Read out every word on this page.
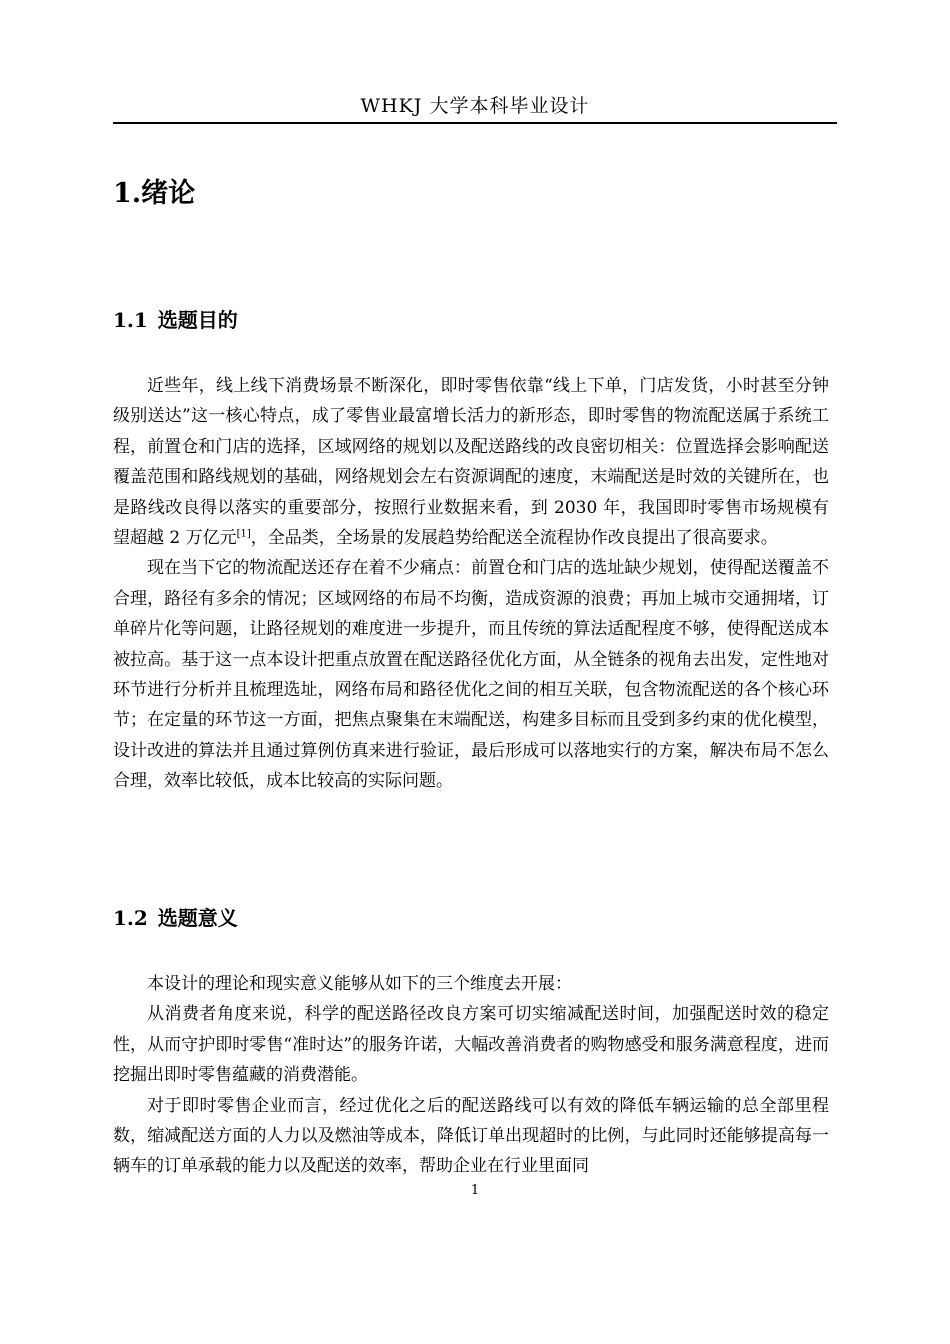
WHKJ 大学本科毕业设计
1.绪论
1.1 选题目的

近些年，线上线下消费场景不断深化，即时零售依靠“线上下单，门店发货，小时甚至分钟级别送达”这一核心特点，成了零售业最富增长活力的新形态，即时零售的物流配送属于系统工程，前置仓和门店的选择，区域网络的规划以及配送路线的改良密切相关：位置选择会影响配送覆盖范围和路线规划的基础，网络规划会左右资源调配的速度，末端配送是时效的关键所在，也是路线改良得以落实的重要部分，按照行业数据来看，到 2030 年，我国即时零售市场规模有望超越 2 万亿元[1]，全品类，全场景的发展趋势给配送全流程协作改良提出了很高要求。

现在当下它的物流配送还存在着不少痛点：前置仓和门店的选址缺少规划，使得配送覆盖不合理，路径有多余的情况；区域网络的布局不均衡，造成资源的浪费；再加上城市交通拥堵，订单碎片化等问题，让路径规划的难度进一步提升，而且传统的算法适配程度不够，使得配送成本被拉高。基于这一点本设计把重点放置在配送路径优化方面，从全链条的视角去出发，定性地对环节进行分析并且梳理选址，网络布局和路径优化之间的相互关联，包含物流配送的各个核心环节；在定量的环节这一方面，把焦点聚集在末端配送，构建多目标而且受到多约束的优化模型，设计改进的算法并且通过算例仿真来进行验证，最后形成可以落地实行的方案，解决布局不怎么合理，效率比较低，成本比较高的实际问题。

1.2 选题意义

本设计的理论和现实意义能够从如下的三个维度去开展：

从消费者角度来说，科学的配送路径改良方案可切实缩减配送时间，加强配送时效的稳定性，从而守护即时零售“准时达”的服务许诺，大幅改善消费者的购物感受和服务满意程度，进而挖掘出即时零售蕴藏的消费潜能。

对于即时零售企业而言，经过优化之后的配送路线可以有效的降低车辆运输的总全部里程数，缩减配送方面的人力以及燃油等成本，降低订单出现超时的比例，与此同时还能够提高每一辆车的订单承载的能力以及配送的效率，帮助企业在行业里面同

1
